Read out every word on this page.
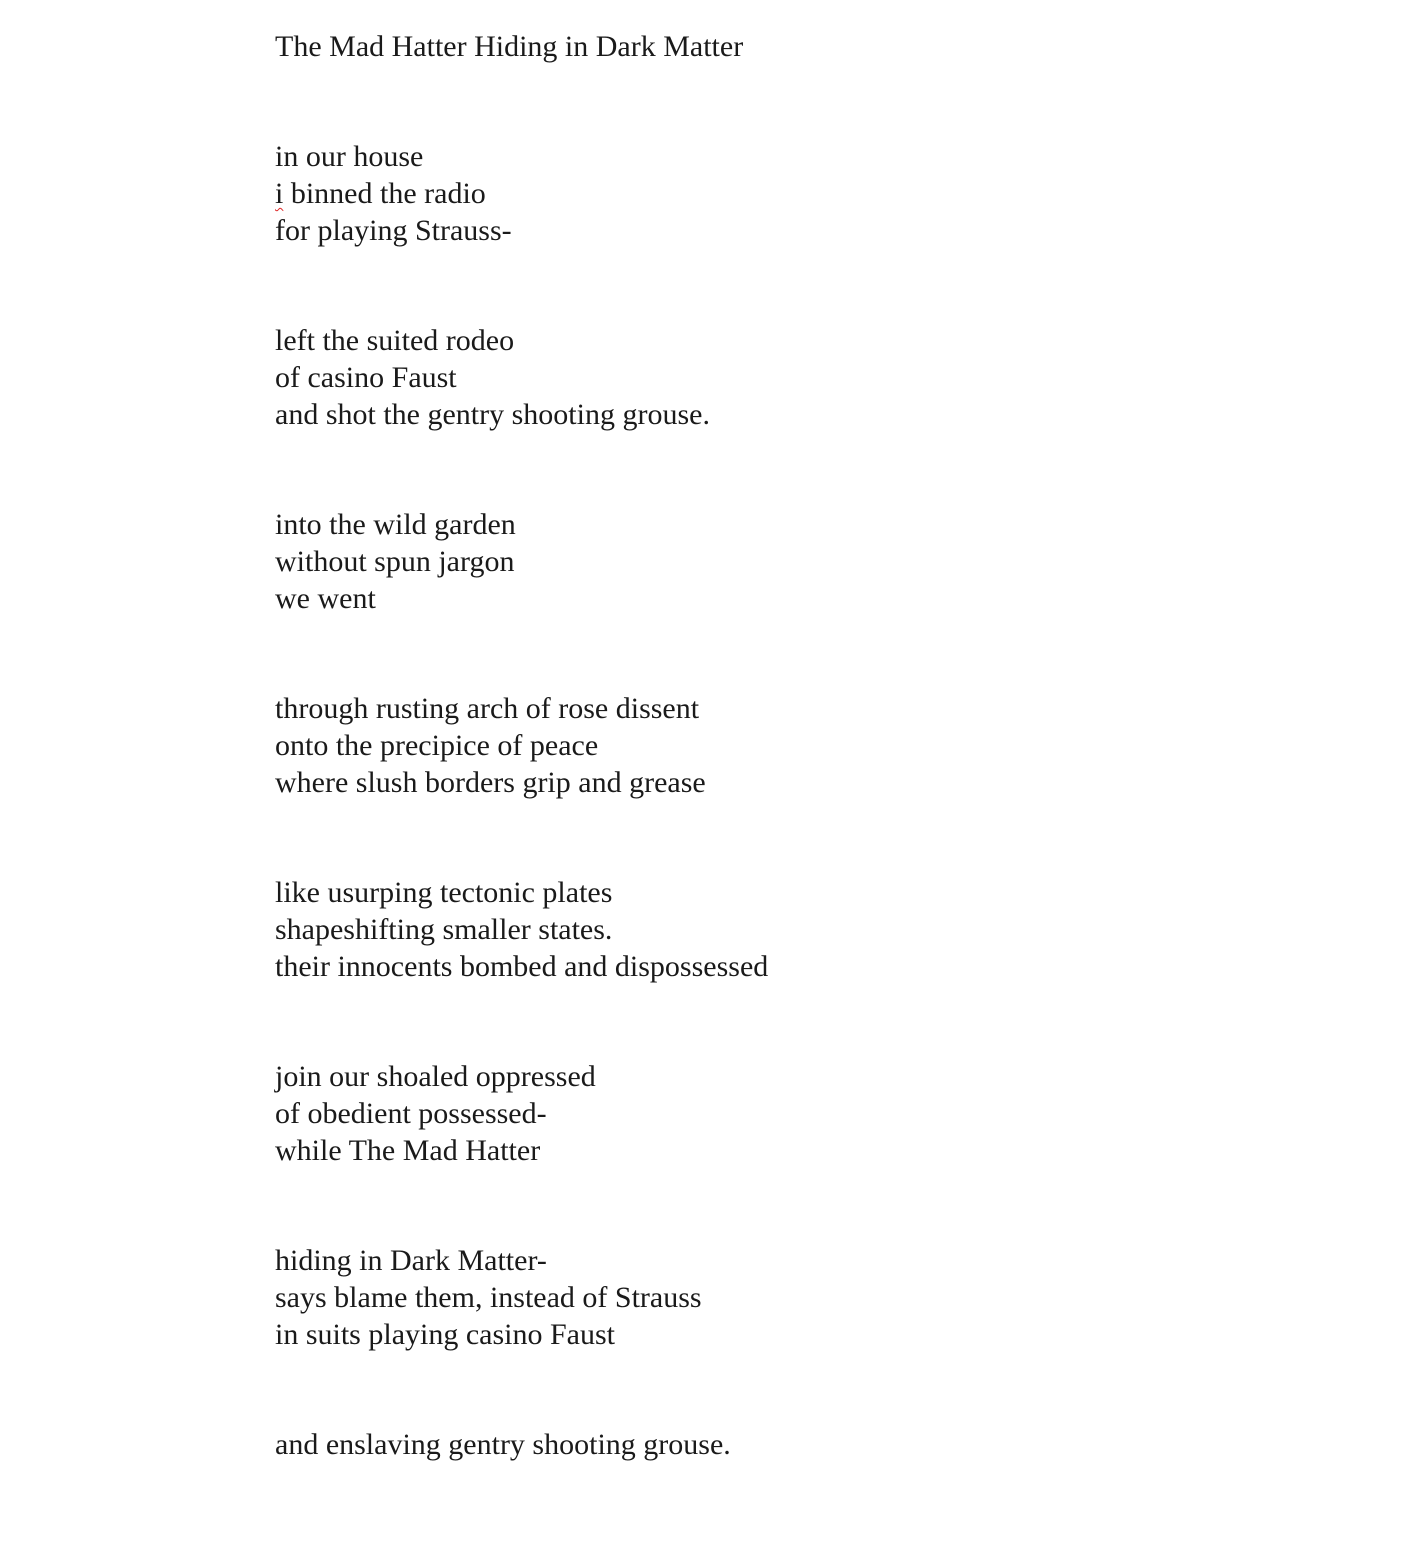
The Mad Hatter Hiding in Dark Matter
in our house
i binned the radio
for playing Strauss-
left the suited rodeo
of casino Faust
and shot the gentry shooting grouse.
into the wild garden
without spun jargon
we went
through rusting arch of rose dissent
onto the precipice of peace
where slush borders grip and grease
like usurping tectonic plates
shapeshifting smaller states.
their innocents bombed and dispossessed
join our shoaled oppressed
of obedient possessed-
while The Mad Hatter
hiding in Dark Matter-
says blame them, instead of Strauss
in suits playing casino Faust
and enslaving gentry shooting grouse.
